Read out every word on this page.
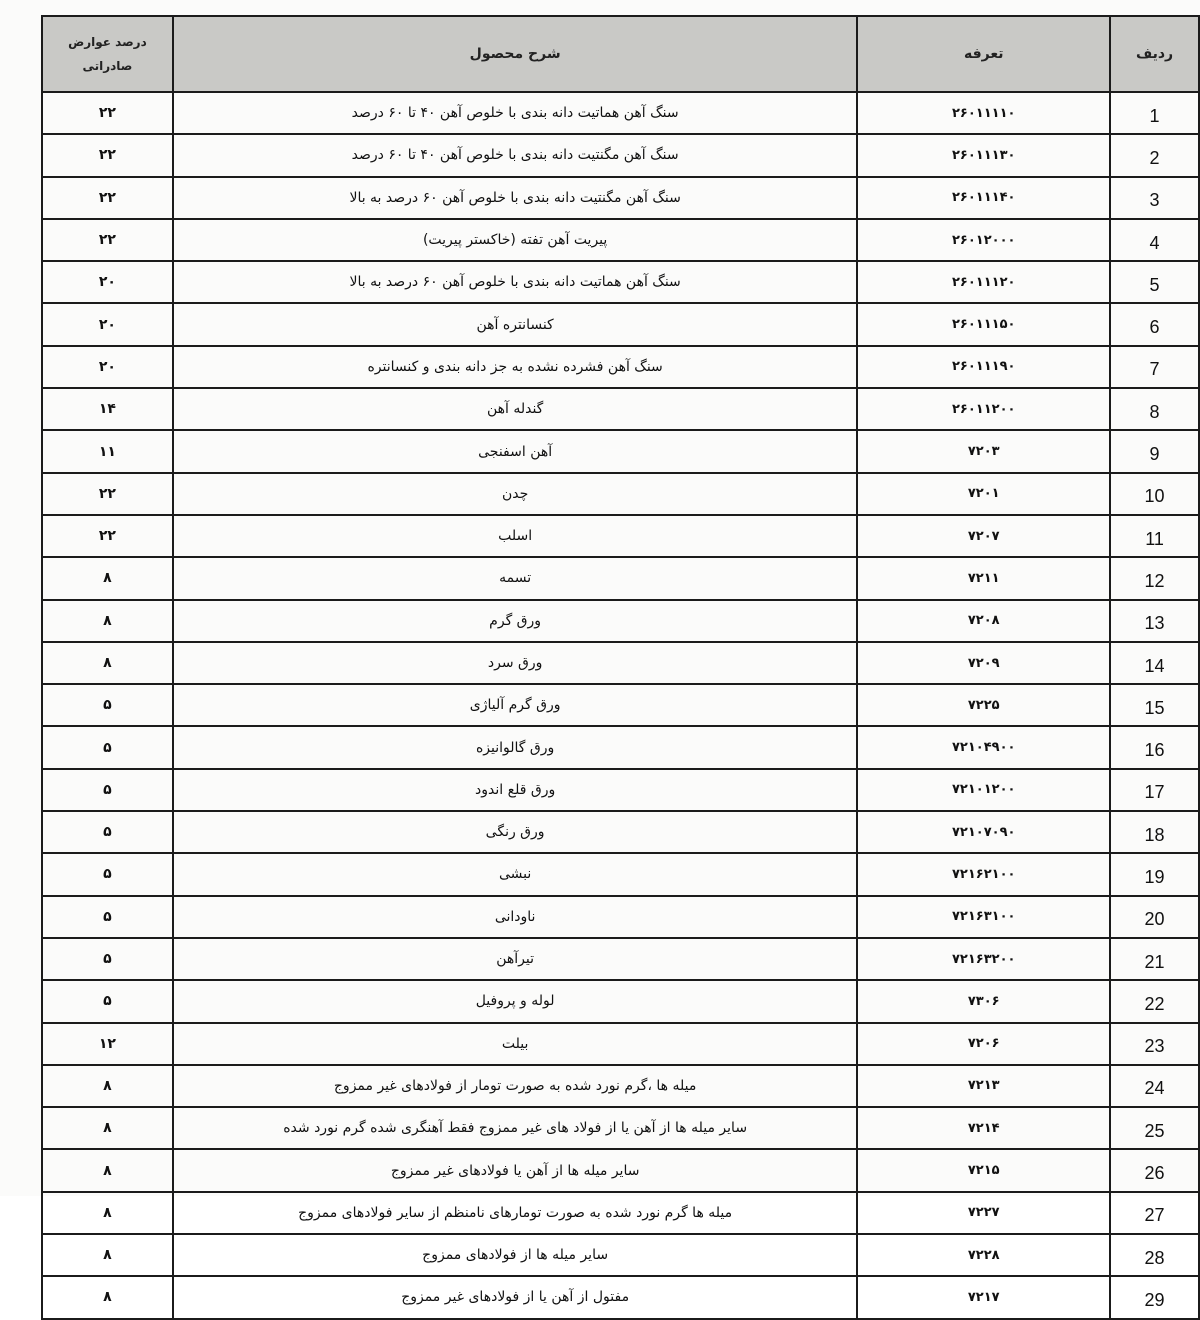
درصد عوارض صادراتی	شرح محصول	تعرفه	ردیف
۲۲	سنگ آهن هماتیت دانه بندی با خلوص آهن ۴۰ تا ۶۰ درصد	۲۶۰۱۱۱۱۰	1
۲۲	سنگ آهن مگنتیت دانه بندی با خلوص آهن ۴۰ تا ۶۰ درصد	۲۶۰۱۱۱۳۰	2
۲۲	سنگ آهن مگنتیت دانه بندی با خلوص آهن ۶۰ درصد به بالا	۲۶۰۱۱۱۴۰	3
۲۲	پیریت آهن تفته (خاکستر پیریت)	۲۶۰۱۲۰۰۰	4
۲۰	سنگ آهن هماتیت دانه بندی با خلوص آهن ۶۰ درصد به بالا	۲۶۰۱۱۱۲۰	5
۲۰	کنسانتره آهن	۲۶۰۱۱۱۵۰	6
۲۰	سنگ آهن فشرده نشده به جز دانه بندی و کنسانتره	۲۶۰۱۱۱۹۰	7
۱۴	گندله آهن	۲۶۰۱۱۲۰۰	8
۱۱	آهن اسفنجی	۷۲۰۳	9
۲۲	چدن	۷۲۰۱	10
۲۲	اسلب	۷۲۰۷	11
۸	تسمه	۷۲۱۱	12
۸	ورق گرم	۷۲۰۸	13
۸	ورق سرد	۷۲۰۹	14
۵	ورق گرم آلیاژی	۷۲۲۵	15
۵	ورق گالوانیزه	۷۲۱۰۴۹۰۰	16
۵	ورق قلع اندود	۷۲۱۰۱۲۰۰	17
۵	ورق رنگی	۷۲۱۰۷۰۹۰	18
۵	نبشی	۷۲۱۶۲۱۰۰	19
۵	ناودانی	۷۲۱۶۳۱۰۰	20
۵	تیرآهن	۷۲۱۶۳۲۰۰	21
۵	لوله و پروفیل	۷۳۰۶	22
۱۲	بیلت	۷۲۰۶	23
۸	میله ها ،گرم نورد شده به صورت تومار از فولادهای غیر ممزوج	۷۲۱۳	24
۸	سایر میله ها از آهن یا از فولاد های غیر ممزوج فقط آهنگری شده گرم نورد شده	۷۲۱۴	25
۸	سایر میله ها از آهن یا فولادهای غیر ممزوج	۷۲۱۵	26
۸	میله ها گرم نورد شده به صورت تومارهای نامنظم از سایر فولادهای ممزوج	۷۲۲۷	27
۸	سایر میله ها از فولادهای ممزوج	۷۲۲۸	28
۸	مفتول از آهن یا از فولادهای غیر ممزوج	۷۲۱۷	29
